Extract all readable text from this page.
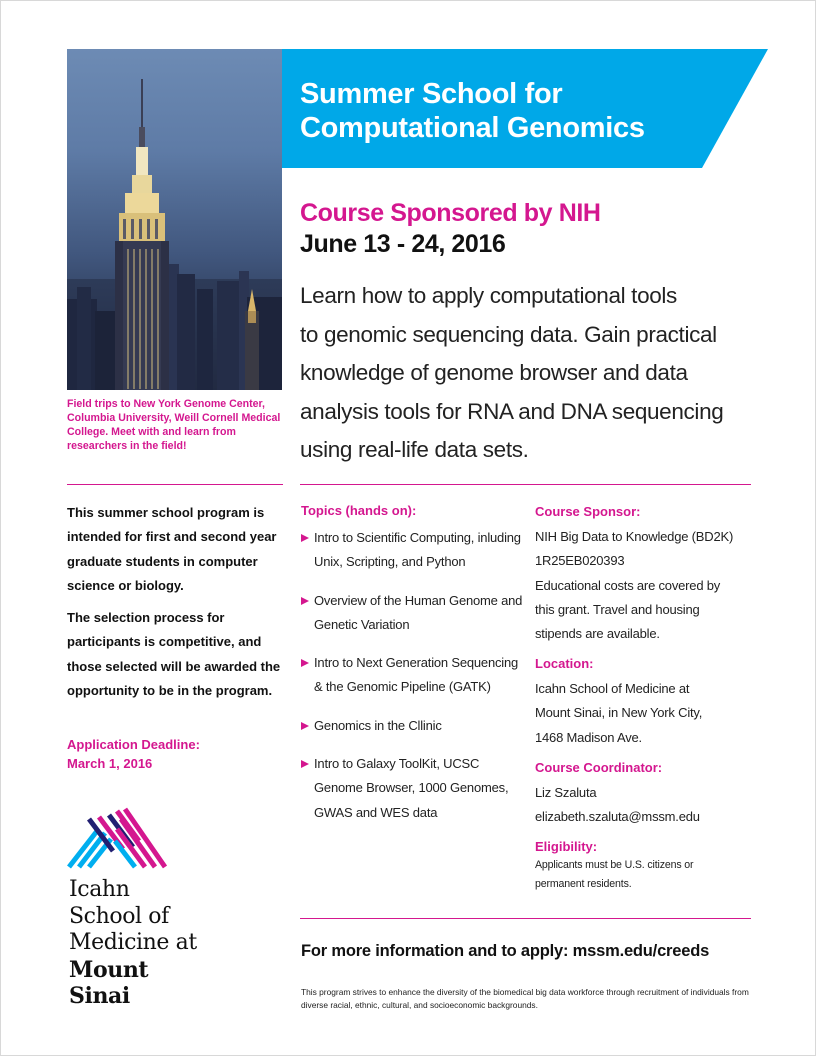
Field trips to New York Genome Center, Columbia University, Weill Cornell Medical College. Meet with and learn from researchers in the field!
Summer School for
Computational Genomics
Course Sponsored by NIH
June 13 - 24, 2016
Learn how to apply computational tools
to genomic sequencing data. Gain practical
knowledge of genome browser and data
analysis tools for RNA and DNA sequencing
using real-life data sets.

This summer school program is intended for first and second year graduate students in computer science or biology.

The selection process for participants is competitive, and those selected will be awarded the opportunity to be in the program.

Application Deadline:
March 1, 2016
Icahn
School of
Medicine at
Mount
Sinai
Topics (hands on):
Intro to Scientific Computing, inluding Unix, Scripting, and Python
Overview of the Human Genome and Genetic Variation
Intro to Next Generation Sequencing & the Genomic Pipeline (GATK)
Genomics in the Cllinic
Intro to Galaxy ToolKit, UCSC Genome Browser, 1000 Genomes, GWAS and WES data
Course Sponsor:
NIH Big Data to Knowledge (BD2K)
1R25EB020393
Educational costs are covered by this grant. Travel and housing stipends are available.
Location:
Icahn School of Medicine at Mount Sinai, in New York City,
1468 Madison Ave.
Course Coordinator:
Liz Szaluta
elizabeth.szaluta@mssm.edu
Eligibility:
Applicants must be U.S. citizens or permanent residents.
For more information and to apply: mssm.edu/creeds
This program strives to enhance the diversity of the biomedical big data workforce through recruitment of individuals from diverse racial, ethnic, cultural, and socioeconomic backgrounds.
